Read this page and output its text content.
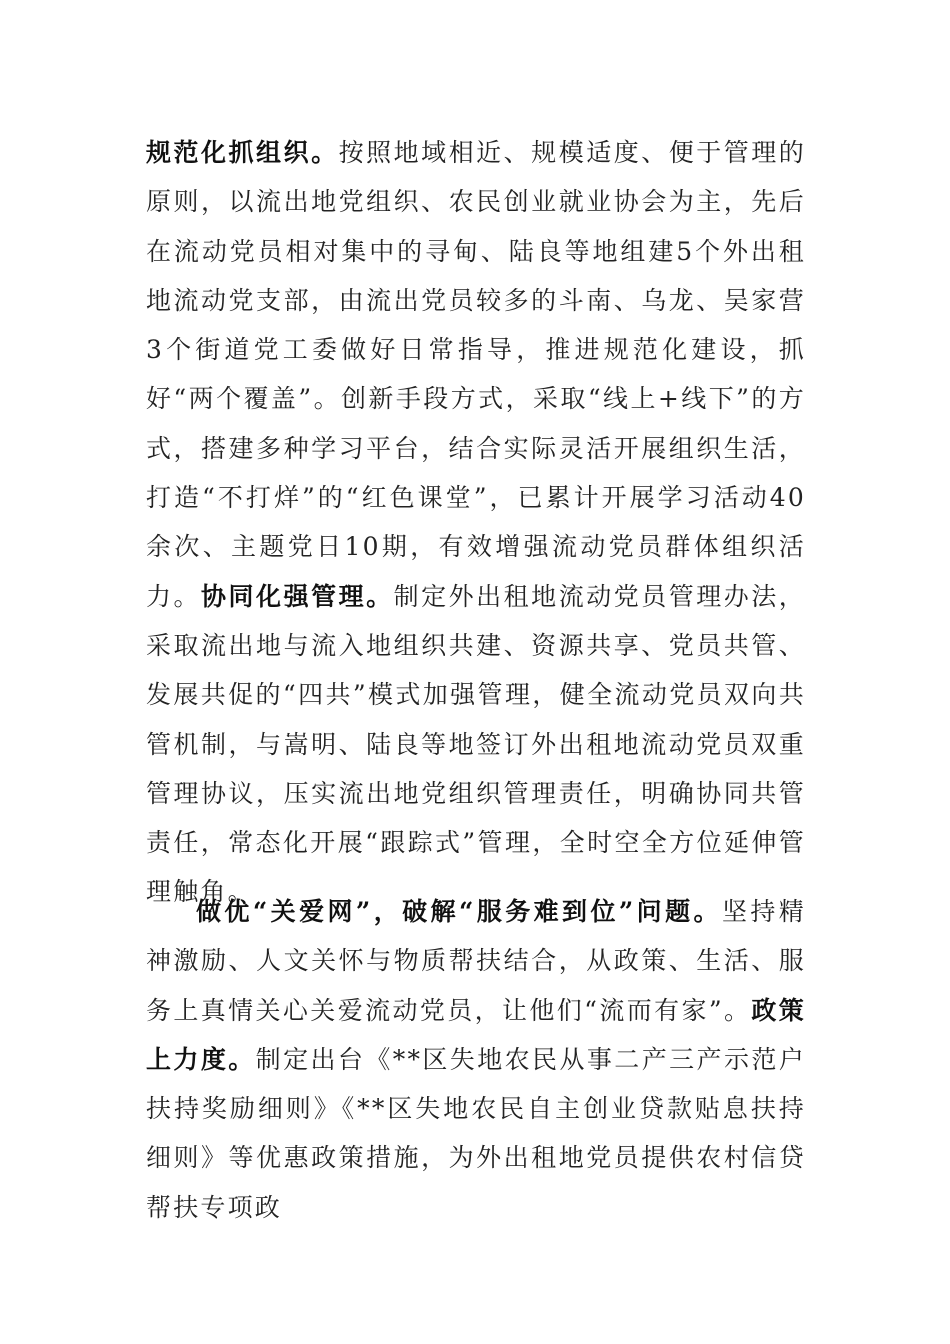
规范化抓组织。按照地域相近、规模适度、便于管理的原则，以流出地党组织、农民创业就业协会为主，先后在流动党员相对集中的寻甸、陆良等地组建5个外出租地流动党支部，由流出党员较多的斗南、乌龙、吴家营3个街道党工委做好日常指导，推进规范化建设，抓好“两个覆盖”。创新手段方式，采取“线上+线下”的方式，搭建多种学习平台，结合实际灵活开展组织生活，打造“不打烊”的“红色课堂”，已累计开展学习活动40余次、主题党日10期，有效增强流动党员群体组织活力。协同化强管理。制定外出租地流动党员管理办法，采取流出地与流入地组织共建、资源共享、党员共管、发展共促的“四共”模式加强管理，健全流动党员双向共管机制，与嵩明、陆良等地签订外出租地流动党员双重管理协议，压实流出地党组织管理责任，明确协同共管责任，常态化开展“跟踪式”管理，全时空全方位延伸管理触角。

做优“关爱网”，破解“服务难到位”问题。坚持精神激励、人文关怀与物质帮扶结合，从政策、生活、服务上真情关心关爱流动党员，让他们“流而有家”。政策上力度。制定出台《**区失地农民从事二产三产示范户扶持奖励细则》《**区失地农民自主创业贷款贴息扶持细则》等优惠政策措施，为外出租地党员提供农村信贷帮扶专项政
